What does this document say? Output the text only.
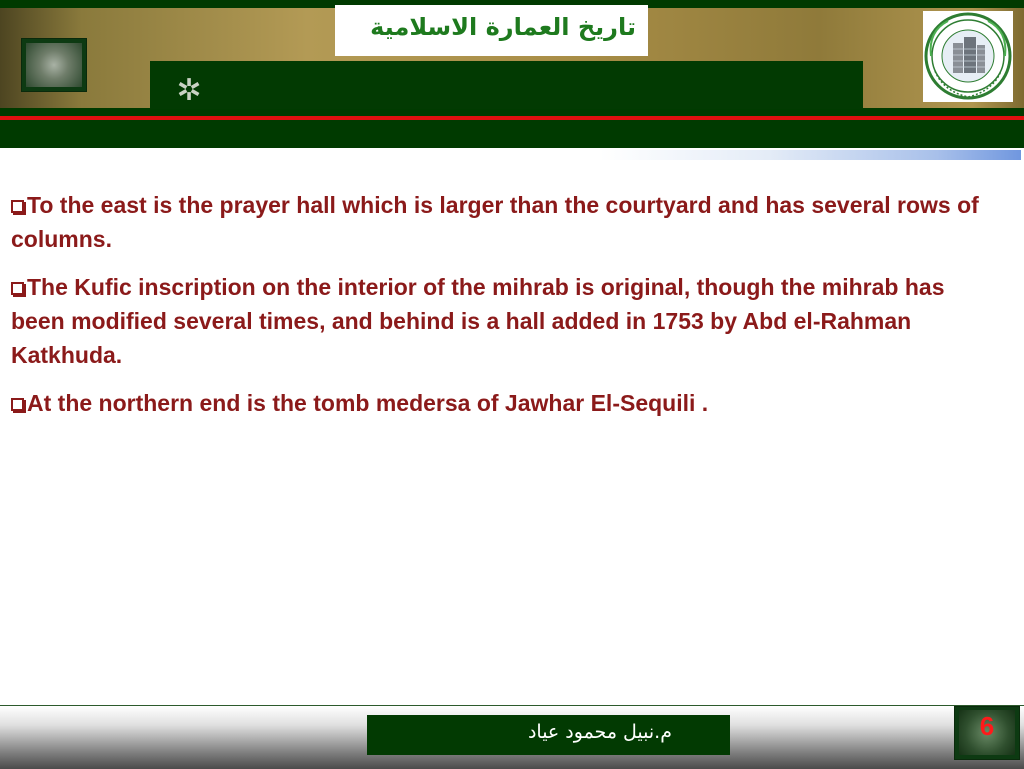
✲
تاريخ العمارة الاسلامية
To the east is the prayer hall which is larger than the courtyard and has several rows of columns.
The Kufic inscription on the interior of the mihrab is original, though the mihrab has been modified several times, and behind is a hall added in 1753 by Abd el-Rahman Katkhuda.
At the northern end is the tomb medersa of Jawhar El-Sequili .
م.نبيل محمود عياد	6
